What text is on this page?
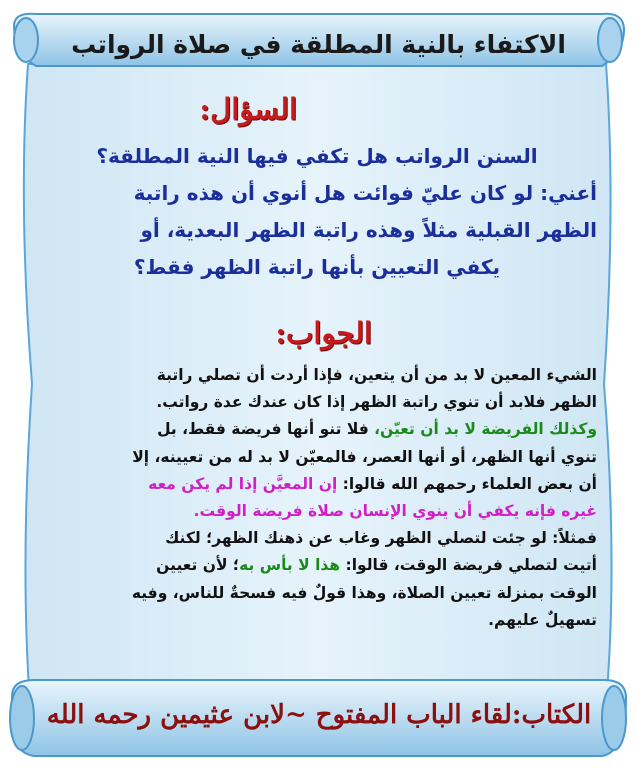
الاكتفاء بالنية المطلقة في صلاة الرواتب
السؤال:
السنن الرواتب هل تكفي فيها النية المطلقة؟
أعني: لو كان عليّ فوائت هل أنوي أن هذه راتبة
الظهر القبلية مثلاً وهذه راتبة الظهر البعدية، أو
يكفي التعيين بأنها راتبة الظهر فقط؟
الجواب:
الشيء المعين لا بد من أن يتعين، فإذا أردت أن تصلي راتبة
الظهر فلابد أن تنوي راتبة الظهر إذا كان عندك عدة رواتب.
وكذلك الفريضة لا بد أن تعيّن، فلا تنو أنها فريضة فقط، بل
تنوي أنها الظهر، أو أنها العصر، فالمعيّن لا بد له من تعيينه، إلا
أن بعض العلماء رحمهم الله قالوا: إن المعيَّن إذا لم يكن معه
غيره فإنه يكفي أن ينوي الإنسان صلاة فريضة الوقت.
فمثلاً: لو جئت لتصلي الظهر وغاب عن ذهنك الظهر؛ لكنك
أتيت لتصلي فريضة الوقت، قالوا: هذا لا بأس به؛ لأن تعيين
الوقت بمنزلة تعيين الصلاة، وهذا قولٌ فيه فسحةٌ للناس، وفيه
تسهيلٌ عليهم.
الكتاب:لقاء الباب المفتوح ~لابن عثيمين رحمه الله
